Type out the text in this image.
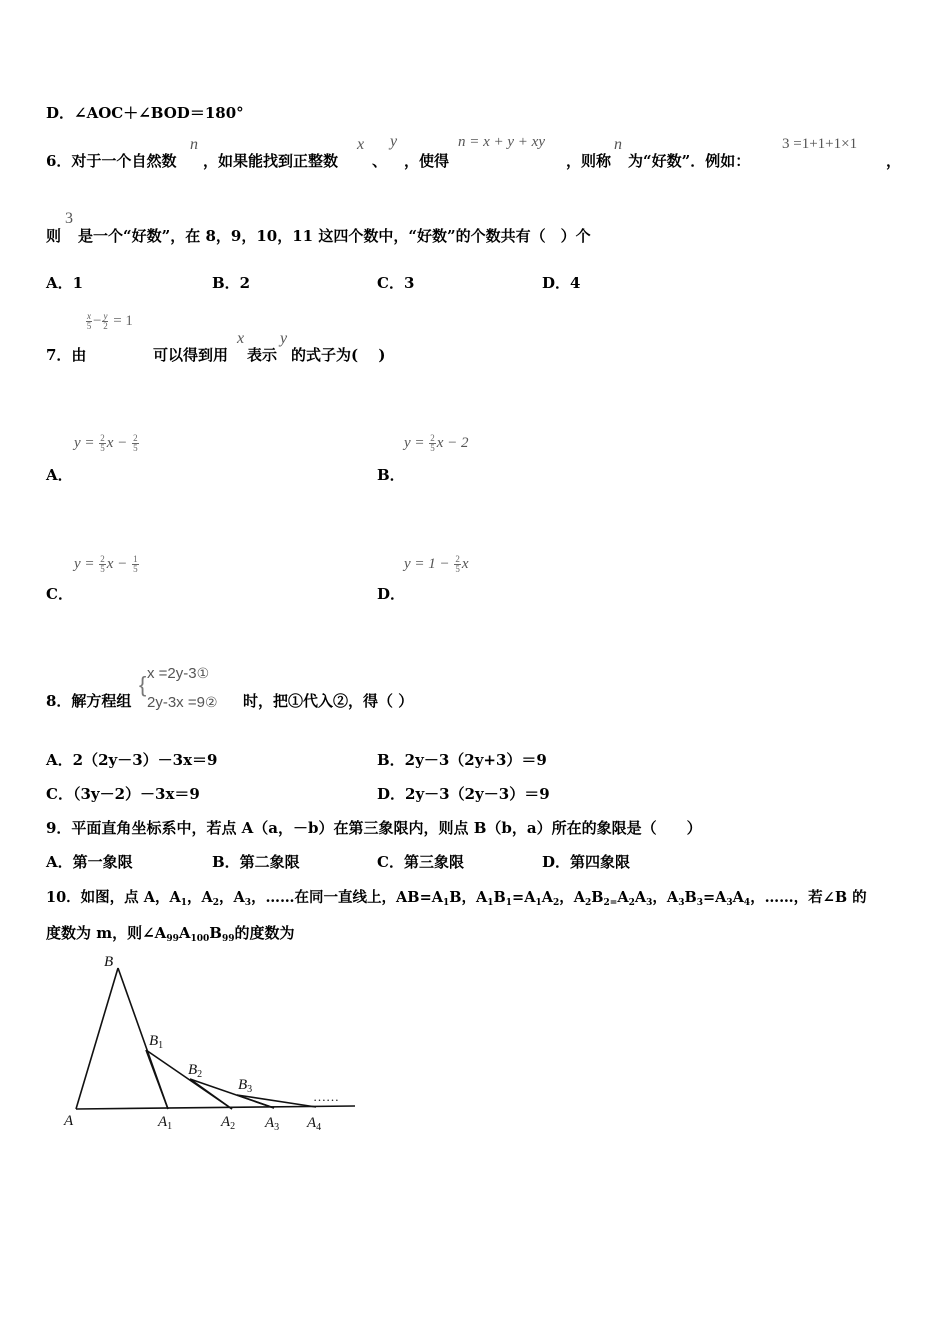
D．∠AOC＋∠BOD＝180°
6．对于一个自然数
n
，如果能找到正整数
x
、
y
，使得
n = x + y + xy
，则称
n
为“好数”．例如：
3 =1+1+1×1
，
则
3
是一个“好数”，在 8，9，10，11 这四个数中，“好数”的个数共有（　）个
A．1	B．2	C．3	D．4
7．由
$\frac{x}{5} - \frac{y}{2} = 1$
可以得到用
x
表示
y
的式子为(　 )
$y = \frac{2}{5}$ $x - \frac{2}{5}$
A．
$y = \frac{2}{5}$ x − 2
B．
$y = \frac{2}{5}$ $x - \frac{1}{5}$
C．
$y = 1 - \frac{2}{5}$ x
D．
8．解方程组
{ x =2y-3①
2y-3x =9② 时，把①代入②，得（ ）
A．2（2y－3）－3x＝9	B．2y－3（2y+3）＝9
C．（3y－2）－3x＝9	D．2y－3（2y－3）＝9
9．平面直角坐标系中，若点 A（a，－b）在第三象限内，则点 B（b，a）所在的象限是（　　）
A．第一象限	B．第二象限	C．第三象限	D．第四象限
10．如图，点 A，$A_1$，$A_2$，$A_3$，……在同一直线上，$AB=A_1B$，$A_1B_1=A_1A_2$，$A_2B_{2=}A_2A_3$，$A_3B_3=A_3A_4$，……，若∠B 的
度数为 m，则$\angle A_{99}A_{100}B_{99}$的度数为
B
$B_1$
$B_2$
$B_3$
A	$A_1$	$A_2$ $A_3$ $A_4$
……
